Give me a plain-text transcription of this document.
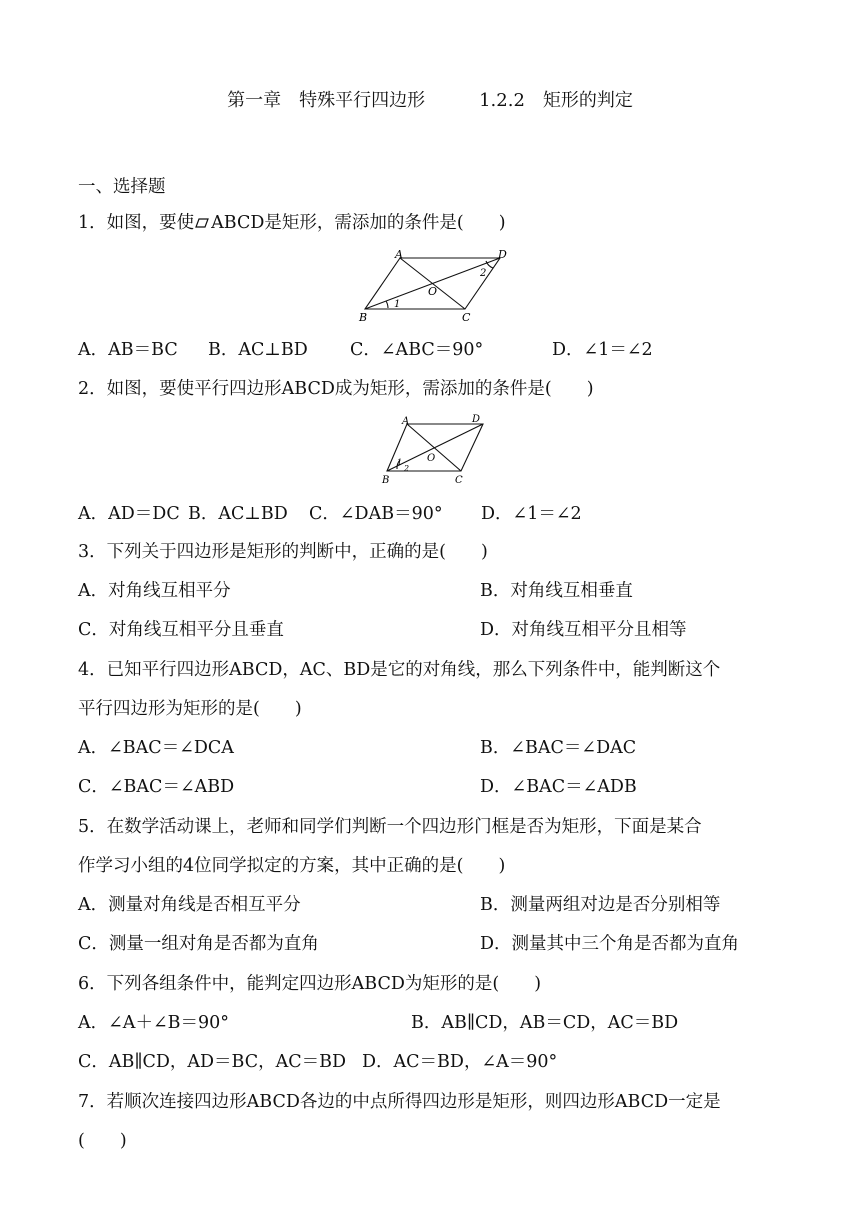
第一章　特殊平行四边形　　　1.2.2　矩形的判定
一、选择题
1．如图，要使 ABCD是矩形，需添加的条件是(　　)
A	D
B	C
O
1
2
A．AB＝BC B．AC⊥BD C．∠ABC＝90°	D．∠1＝∠2
2．如图，要使平行四边形ABCD成为矩形，需添加的条件是(　　)
A	D
B	C
O
1
2
A．AD＝DC B．AC⊥BD C．∠DAB＝90° D．∠1＝∠2
3．下列关于四边形是矩形的判断中，正确的是(　　)
A．对角线互相平分	B．对角线互相垂直
C．对角线互相平分且垂直	D．对角线互相平分且相等
4．已知平行四边形ABCD，AC、BD是它的对角线，那么下列条件中，能判断这个
平行四边形为矩形的是(　　)
A．∠BAC＝∠DCA	B．∠BAC＝∠DAC
C．∠BAC＝∠ABD	D．∠BAC＝∠ADB
5．在数学活动课上，老师和同学们判断一个四边形门框是否为矩形，下面是某合
作学习小组的4位同学拟定的方案，其中正确的是(　　)
A．测量对角线是否相互平分	B．测量两组对边是否分别相等
C．测量一组对角是否都为直角	D．测量其中三个角是否都为直角
6．下列各组条件中，能判定四边形ABCD为矩形的是(　　)
A．∠A＋∠B＝90°	B．AB∥CD，AB＝CD，AC＝BD
C．AB∥CD，AD＝BC，AC＝BD D．AC＝BD，∠A＝90°
7．若顺次连接四边形ABCD各边的中点所得四边形是矩形，则四边形ABCD一定是
(　　)
